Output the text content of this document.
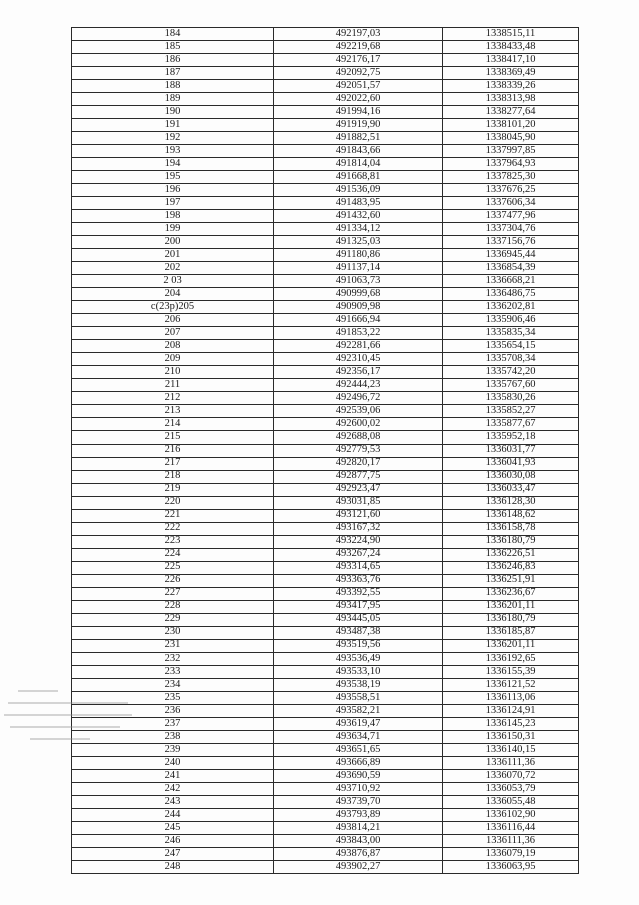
184	492197,03	1338515,11
185	492219,68	1338433,48
186	492176,17	1338417,10
187	492092,75	1338369,49
188	492051,57	1338339,26
189	492022,60	1338313,98
190	491994,16	1338277,64
191	491919,90	1338101,20
192	491882,51	1338045,90
193	491843,66	1337997,85
194	491814,04	1337964,93
195	491668,81	1337825,30
196	491536,09	1337676,25
197	491483,95	1337606,34
198	491432,60	1337477,96
199	491334,12	1337304,76
200	491325,03	1337156,76
201	491180,86	1336945,44
202	491137,14	1336854,39
2 03	491063,73	1336668,21
204	490999,68	1336486,75
c(23p)205	490909,98	1336202,81
206	491666,94	1335906,46
207	491853,22	1335835,34
208	492281,66	1335654,15
209	492310,45	1335708,34
210	492356,17	1335742,20
211	492444,23	1335767,60
212	492496,72	1335830,26
213	492539,06	1335852,27
214	492600,02	1335877,67
215	492688,08	1335952,18
216	492779,53	1336031,77
217	492820,17	1336041,93
218	492877,75	1336030,08
219	492923,47	1336033,47
220	493031,85	1336128,30
221	493121,60	1336148,62
222	493167,32	1336158,78
223	493224,90	1336180,79
224	493267,24	1336226,51
225	493314,65	1336246,83
226	493363,76	1336251,91
227	493392,55	1336236,67
228	493417,95	1336201,11
229	493445,05	1336180,79
230	493487,38	1336185,87
231	493519,56	1336201,11
232	493536,49	1336192,65
233	493533,10	1336155,39
234	493538,19	1336121,52
235	493558,51	1336113,06
236	493582,21	1336124,91
237	493619,47	1336145,23
238	493634,71	1336150,31
239	493651,65	1336140,15
240	493666,89	1336111,36
241	493690,59	1336070,72
242	493710,92	1336053,79
243	493739,70	1336055,48
244	493793,89	1336102,90
245	493814,21	1336116,44
246	493843,00	1336111,36
247	493876,87	1336079,19
248	493902,27	1336063,95
